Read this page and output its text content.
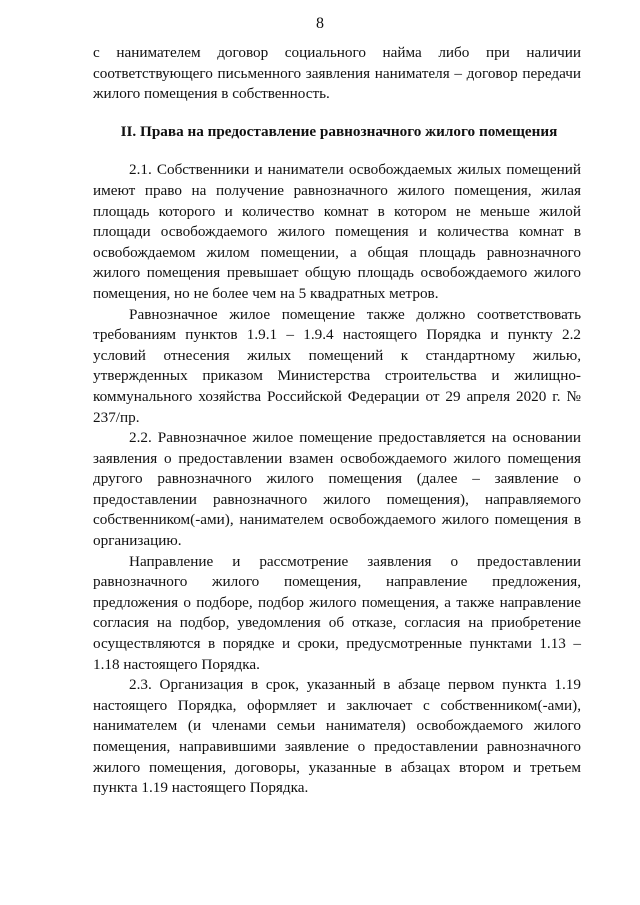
8

с нанимателем договор социального найма либо при наличии соответствующего письменного заявления нанимателя – договор передачи жилого помещения в собственность.

II. Права на предоставление равнозначного жилого помещения

2.1. Собственники и наниматели освобождаемых жилых помещений имеют право на получение равнозначного жилого помещения, жилая площадь которого и количество комнат в котором не меньше жилой площади освобождаемого жилого помещения и количества комнат в освобождаемом жилом помещении, а общая площадь равнозначного жилого помещения превышает общую площадь освобождаемого жилого помещения, но не более чем на 5 квадратных метров.

Равнозначное жилое помещение также должно соответствовать требованиям пунктов 1.9.1 – 1.9.4 настоящего Порядка и пункту 2.2 условий отнесения жилых помещений к стандартному жилью, утвержденных приказом Министерства строительства и жилищно-коммунального хозяйства Российской Федерации от 29 апреля 2020 г. № 237/пр.

2.2. Равнозначное жилое помещение предоставляется на основании заявления о предоставлении взамен освобождаемого жилого помещения другого равнозначного жилого помещения (далее – заявление о предоставлении равнозначного жилого помещения), направляемого собственником(-ами), нанимателем освобождаемого жилого помещения в организацию.

Направление и рассмотрение заявления о предоставлении равнозначного жилого помещения, направление предложения, предложения о подборе, подбор жилого помещения, а также направление согласия на подбор, уведомления об отказе, согласия на приобретение осуществляются в порядке и сроки, предусмотренные пунктами 1.13 – 1.18 настоящего Порядка.

2.3. Организация в срок, указанный в абзаце первом пункта 1.19 настоящего Порядка, оформляет и заключает с собственником(-ами), нанимателем (и членами семьи нанимателя) освобождаемого жилого помещения, направившими заявление о предоставлении равнозначного жилого помещения, договоры, указанные в абзацах втором и третьем пункта 1.19 настоящего Порядка.
